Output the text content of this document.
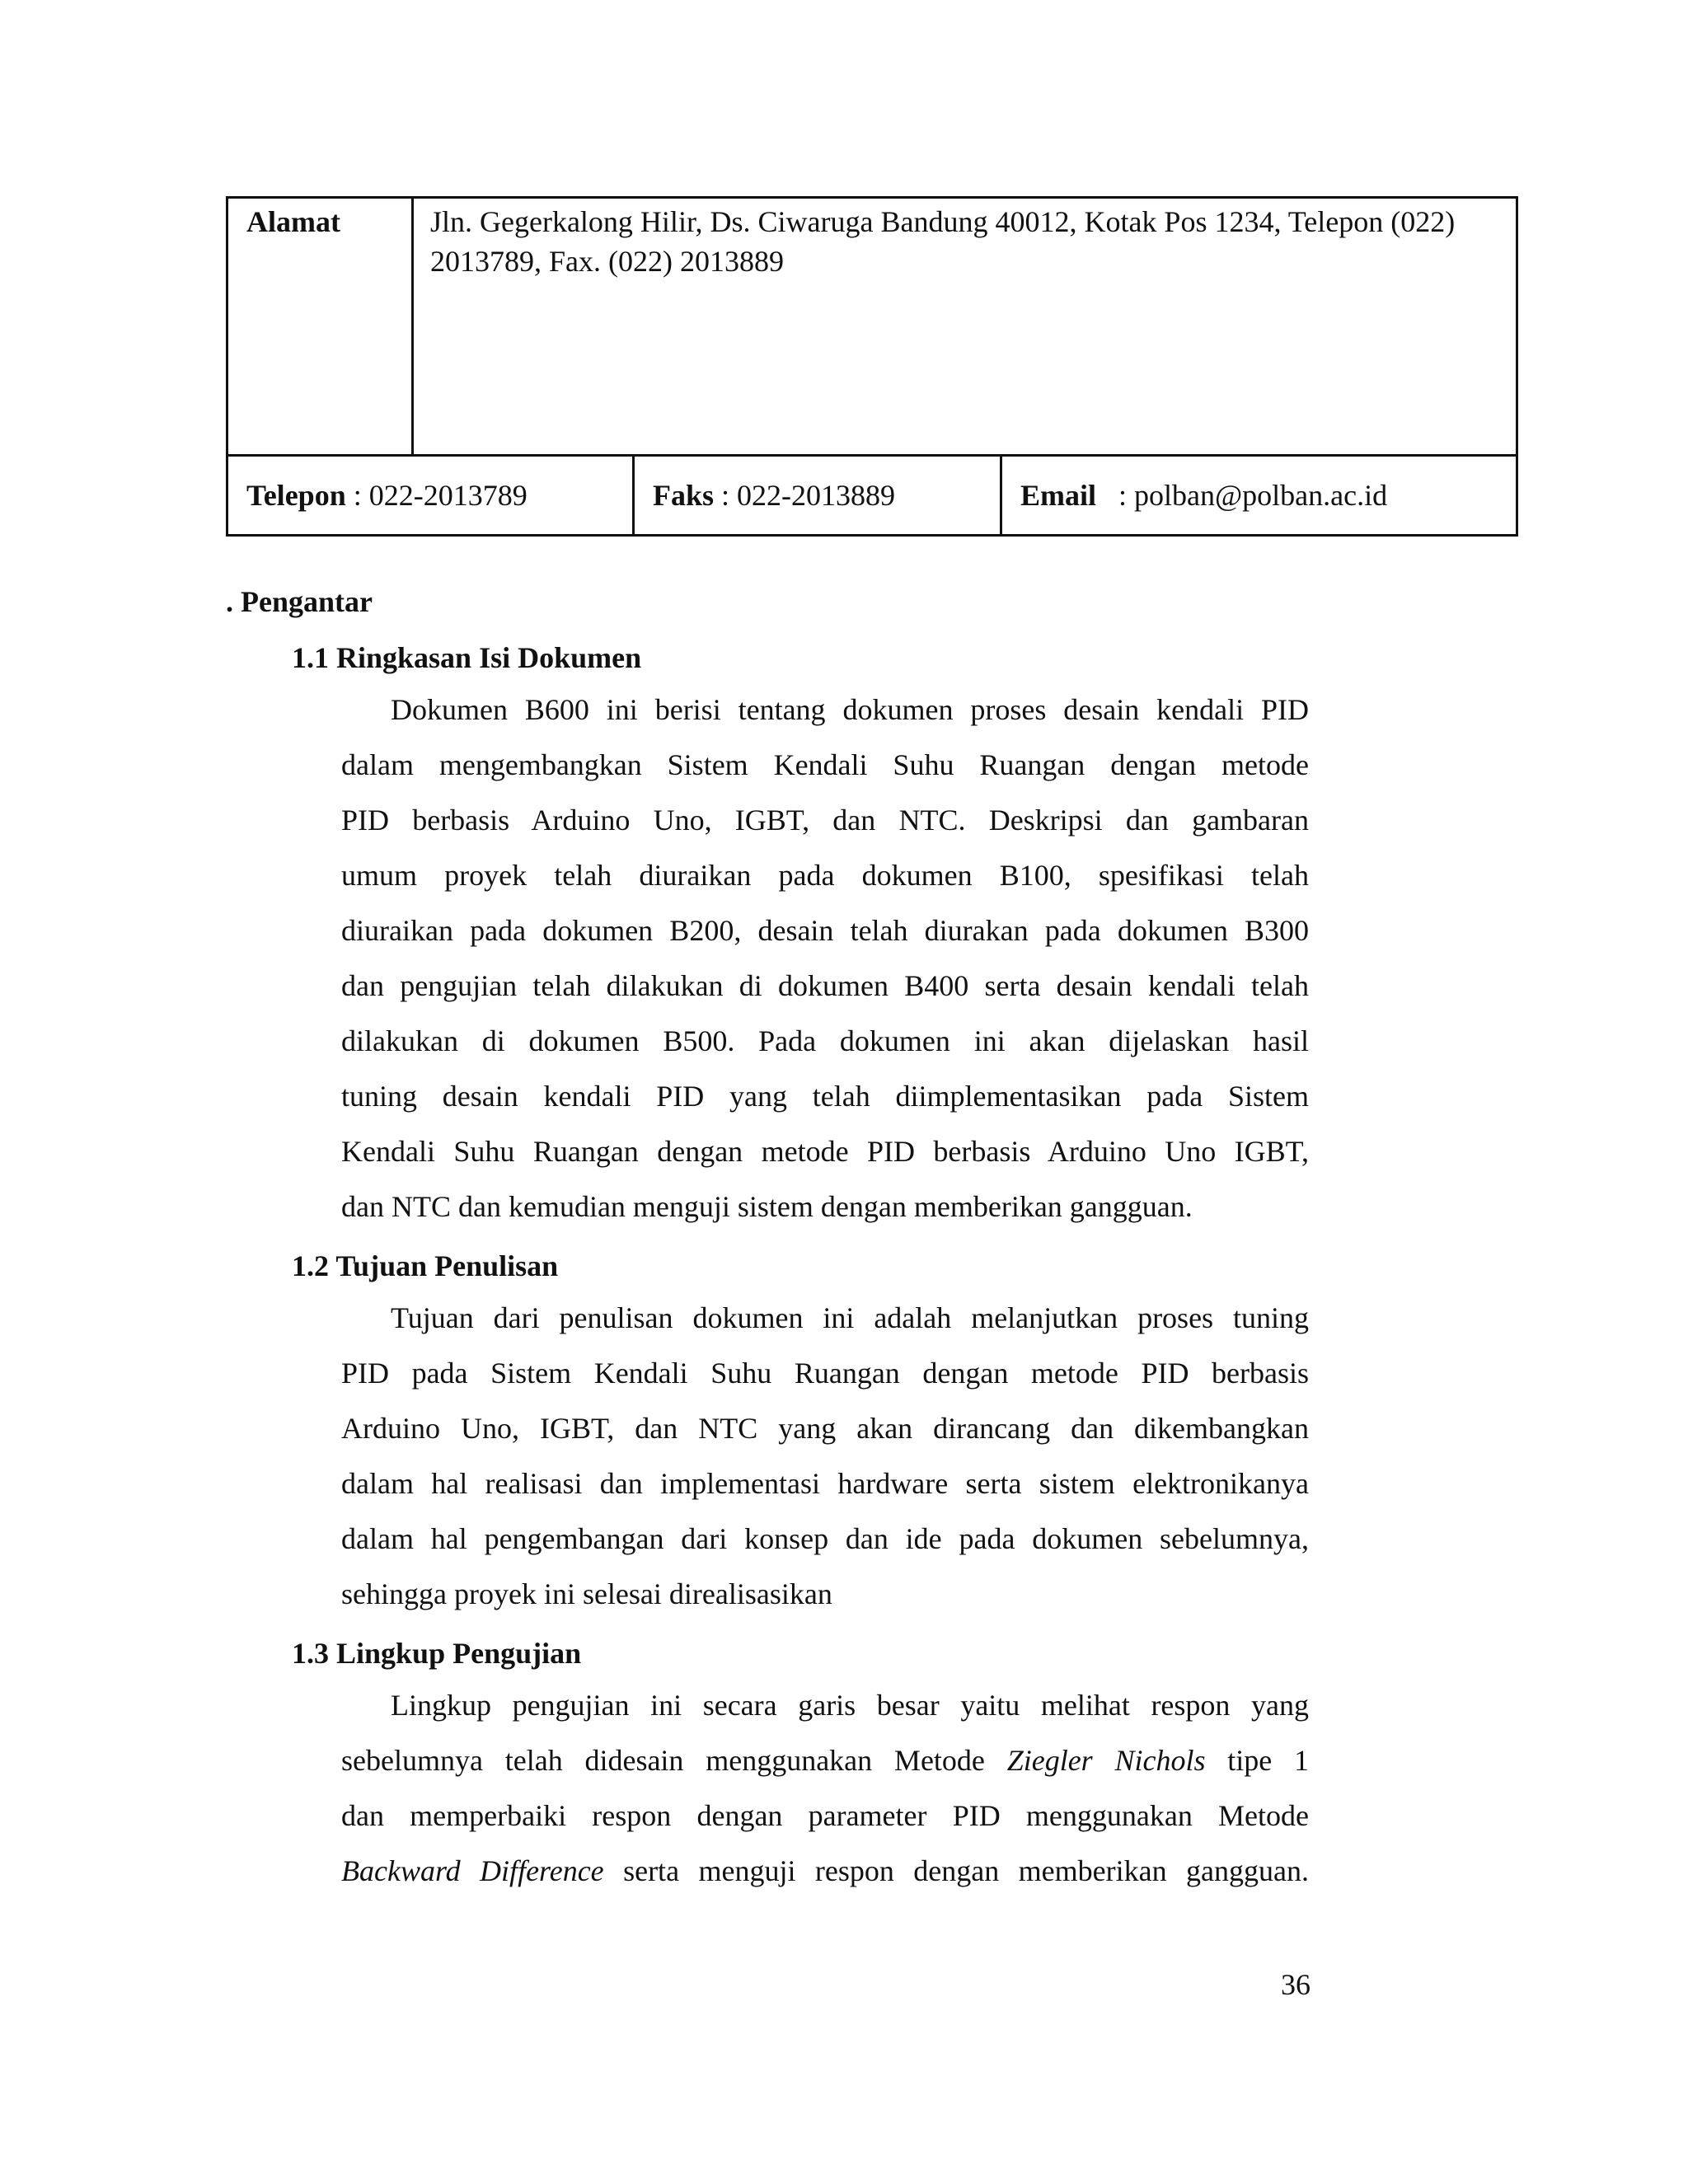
Alamat	Jln. Gegerkalong Hilir, Ds. Ciwaruga Bandung 40012, Kotak Pos 1234, Telepon (022)
2013789, Fax. (022) 2013889

Telepon : 022-2013789	Faks : 022-2013889	Email : polban@polban.ac.id
. Pengantar
1.1 Ringkasan Isi Dokumen
Dokumen B600 ini berisi tentang dokumen proses desain kendali PID
dalam mengembangkan Sistem Kendali Suhu Ruangan dengan metode
PID berbasis Arduino Uno, IGBT, dan NTC. Deskripsi dan gambaran
umum proyek telah diuraikan pada dokumen B100, spesifikasi telah
diuraikan pada dokumen B200, desain telah diurakan pada dokumen B300
dan pengujian telah dilakukan di dokumen B400 serta desain kendali telah
dilakukan di dokumen B500. Pada dokumen ini akan dijelaskan hasil
tuning desain kendali PID yang telah diimplementasikan pada Sistem
Kendali Suhu Ruangan dengan metode PID berbasis Arduino Uno IGBT,
dan NTC dan kemudian menguji sistem dengan memberikan gangguan.
1.2 Tujuan Penulisan
Tujuan dari penulisan dokumen ini adalah melanjutkan proses tuning
PID pada Sistem Kendali Suhu Ruangan dengan metode PID berbasis
Arduino Uno, IGBT, dan NTC yang akan dirancang dan dikembangkan
dalam hal realisasi dan implementasi hardware serta sistem elektronikanya
dalam hal pengembangan dari konsep dan ide pada dokumen sebelumnya,
sehingga proyek ini selesai direalisasikan
1.3 Lingkup Pengujian
Lingkup pengujian ini secara garis besar yaitu melihat respon yang
sebelumnya telah didesain menggunakan Metode Ziegler Nichols tipe 1
dan memperbaiki respon dengan parameter PID menggunakan Metode
Backward Difference serta menguji respon dengan memberikan gangguan.
36
